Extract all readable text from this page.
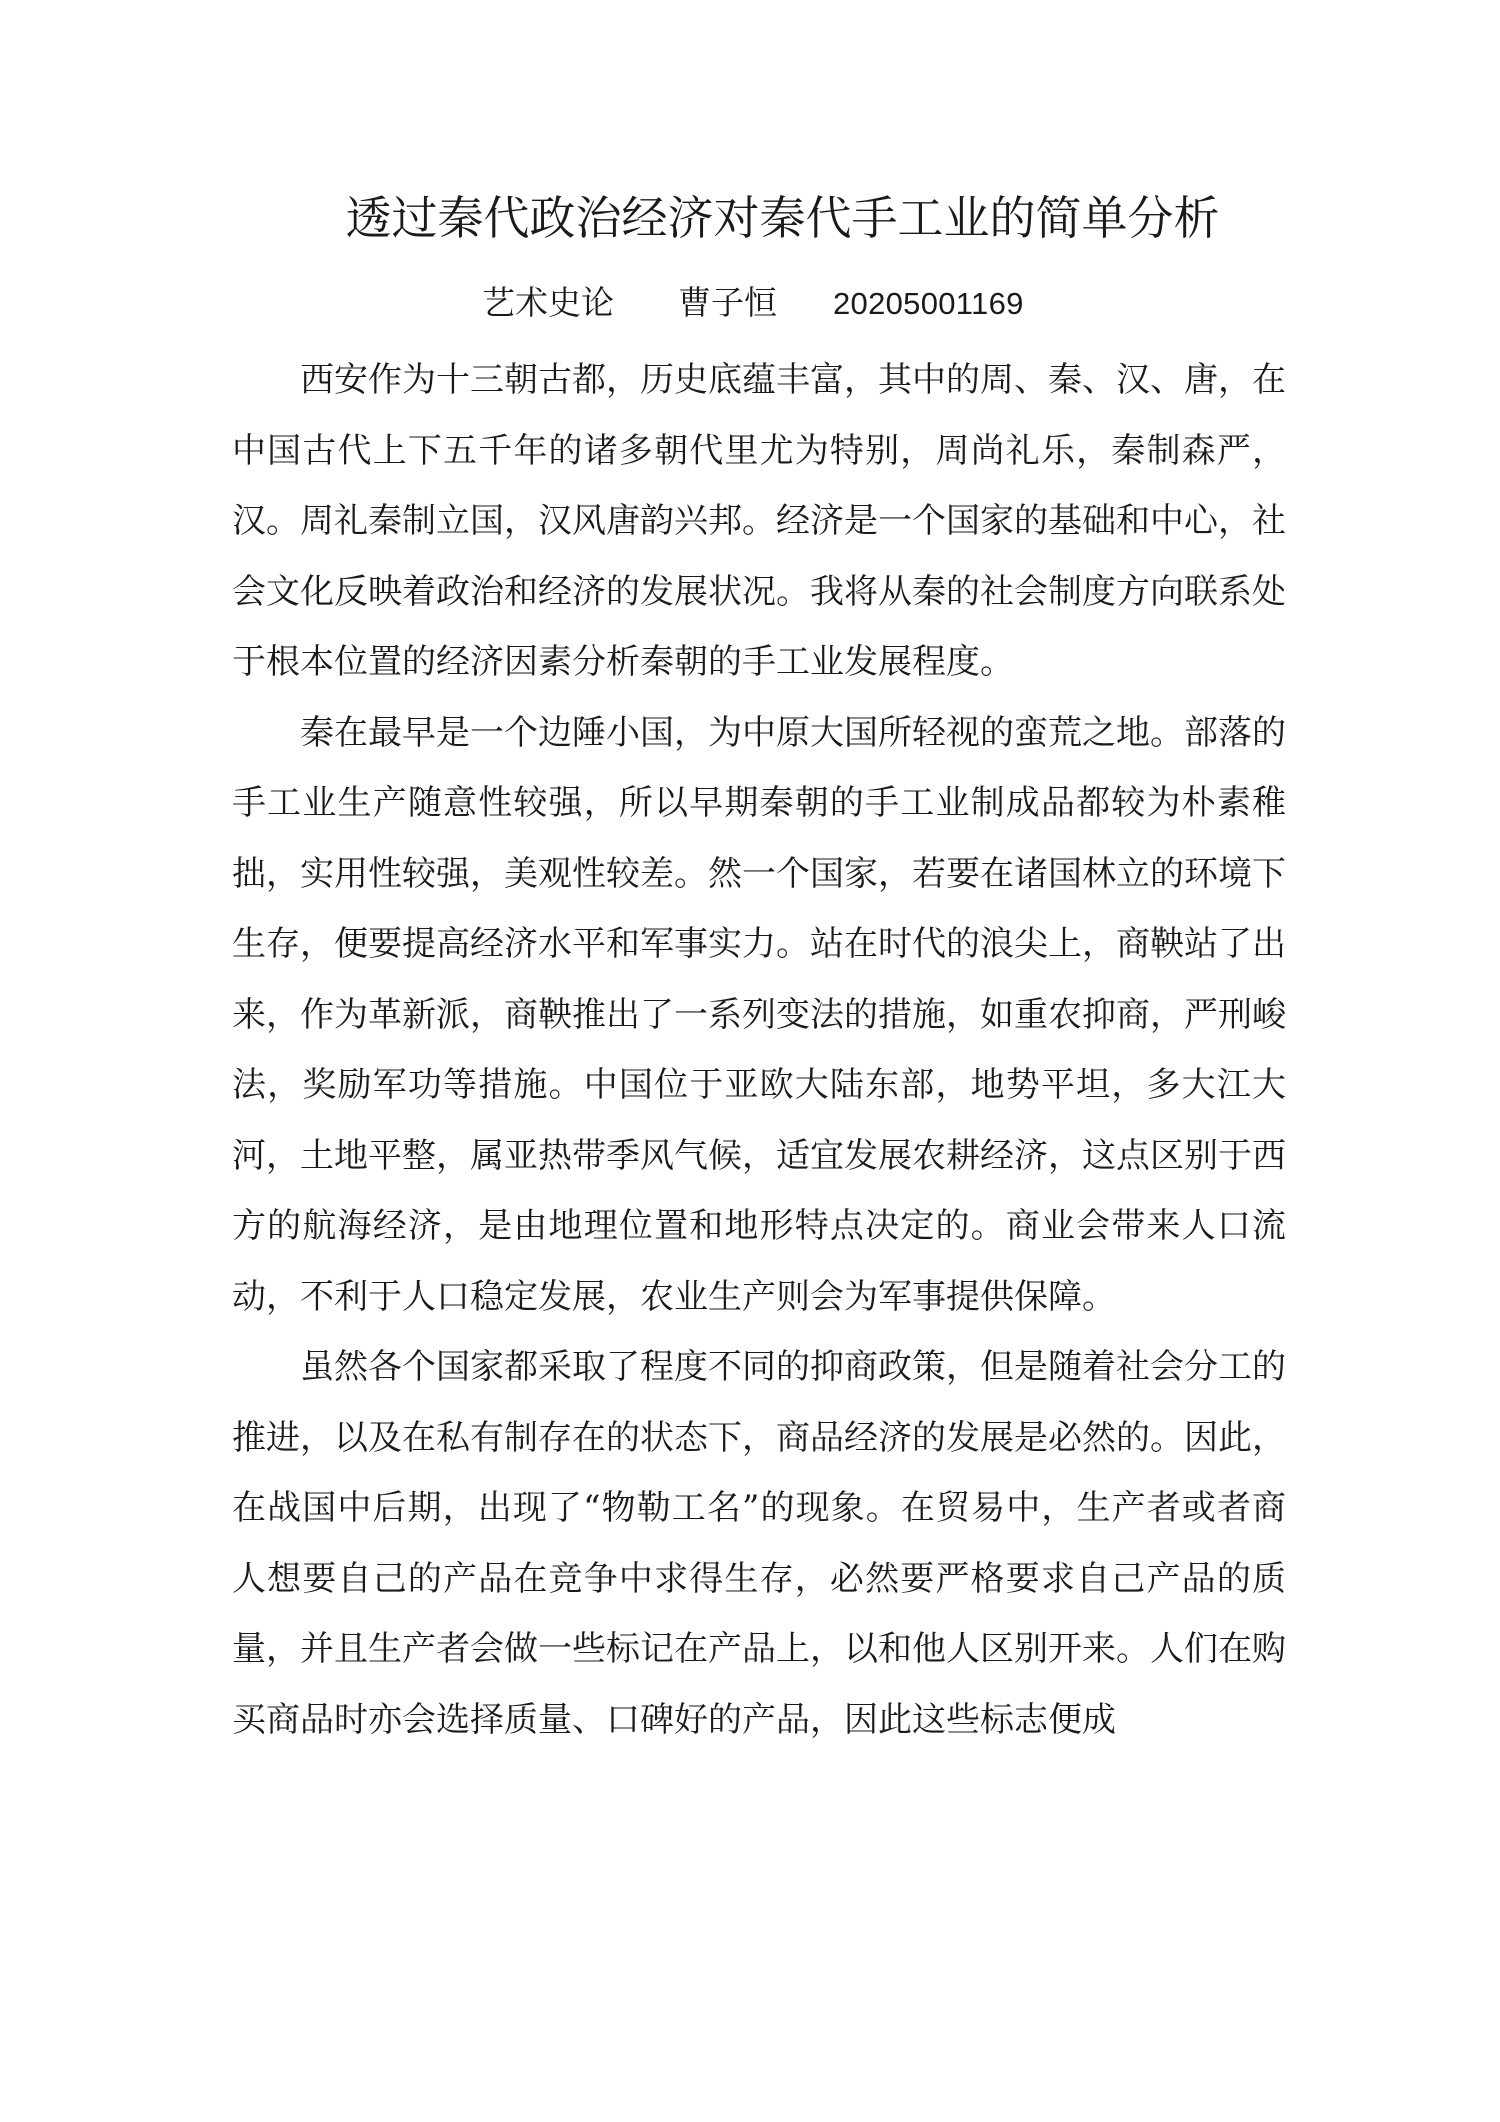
透过秦代政治经济对秦代手工业的简单分析
艺术史论 曹子恒 20205001169

西安作为十三朝古都，历史底蕴丰富，其中的周、秦、汉、唐，在中国古代上下五千年的诸多朝代里尤为特别，周尚礼乐，秦制森严，汉。周礼秦制立国，汉风唐韵兴邦。经济是一个国家的基础和中心，社会文化反映着政治和经济的发展状况。我将从秦的社会制度方向联系处于根本位置的经济因素分析秦朝的手工业发展程度。

秦在最早是一个边陲小国，为中原大国所轻视的蛮荒之地。部落的手工业生产随意性较强，所以早期秦朝的手工业制成品都较为朴素稚拙，实用性较强，美观性较差。然一个国家，若要在诸国林立的环境下生存，便要提高经济水平和军事实力。站在时代的浪尖上，商鞅站了出来，作为革新派，商鞅推出了一系列变法的措施，如重农抑商，严刑峻法，奖励军功等措施。中国位于亚欧大陆东部，地势平坦，多大江大河，土地平整，属亚热带季风气候，适宜发展农耕经济，这点区别于西方的航海经济，是由地理位置和地形特点决定的。商业会带来人口流动，不利于人口稳定发展，农业生产则会为军事提供保障。

虽然各个国家都采取了程度不同的抑商政策，但是随着社会分工的推进，以及在私有制存在的状态下，商品经济的发展是必然的。因此，在战国中后期，出现了“物勒工名”的现象。在贸易中，生产者或者商人想要自己的产品在竞争中求得生存，必然要严格要求自己产品的质量，并且生产者会做一些标记在产品上，以和他人区别开来。人们在购买商品时亦会选择质量、口碑好的产品，因此这些标志便成
